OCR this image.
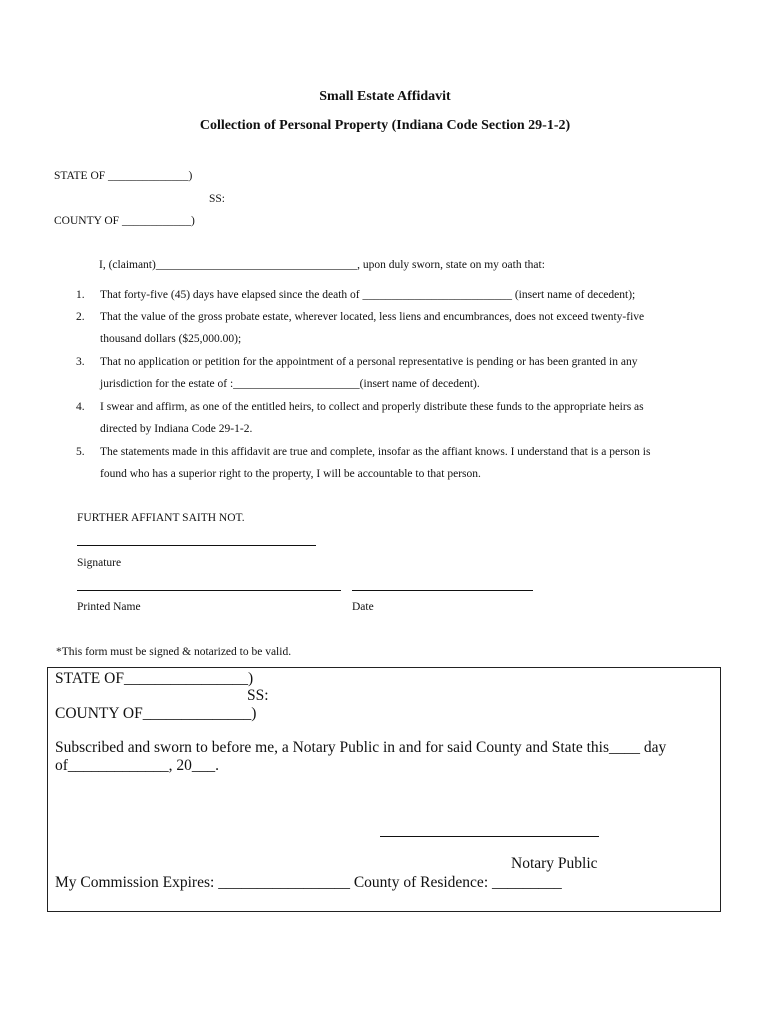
Small Estate Affidavit
Collection of Personal Property (Indiana Code Section 29-1-2)
STATE OF ______________)
SS:
COUNTY OF ____________)
I, (claimant)___________________________________, upon duly sworn, state on my oath that:
1. That forty-five (45) days have elapsed since the death of __________________________ (insert name of decedent);
2. That the value of the gross probate estate, wherever located, less liens and encumbrances, does not exceed twenty-five
thousand dollars ($25,000.00);
3. That no application or petition for the appointment of a personal representative is pending or has been granted in any
jurisdiction for the estate of :______________________(insert name of decedent).
4. I swear and affirm, as one of the entitled heirs, to collect and properly distribute these funds to the appropriate heirs as
directed by Indiana Code 29-1-2.
5. The statements made in this affidavit are true and complete, insofar as the affiant knows. I understand that is a person is
found who has a superior right to the property, I will be accountable to that person.
FURTHER AFFIANT SAITH NOT.
Signature
Printed Name	Date
*This form must be signed & notarized to be valid.
STATE OF________________)
SS:
COUNTY OF______________)
Subscribed and sworn to before me, a Notary Public in and for said County and State this____ day
of_____________, 20___.
Notary Public
My Commission Expires: _________________ County of Residence: _________
